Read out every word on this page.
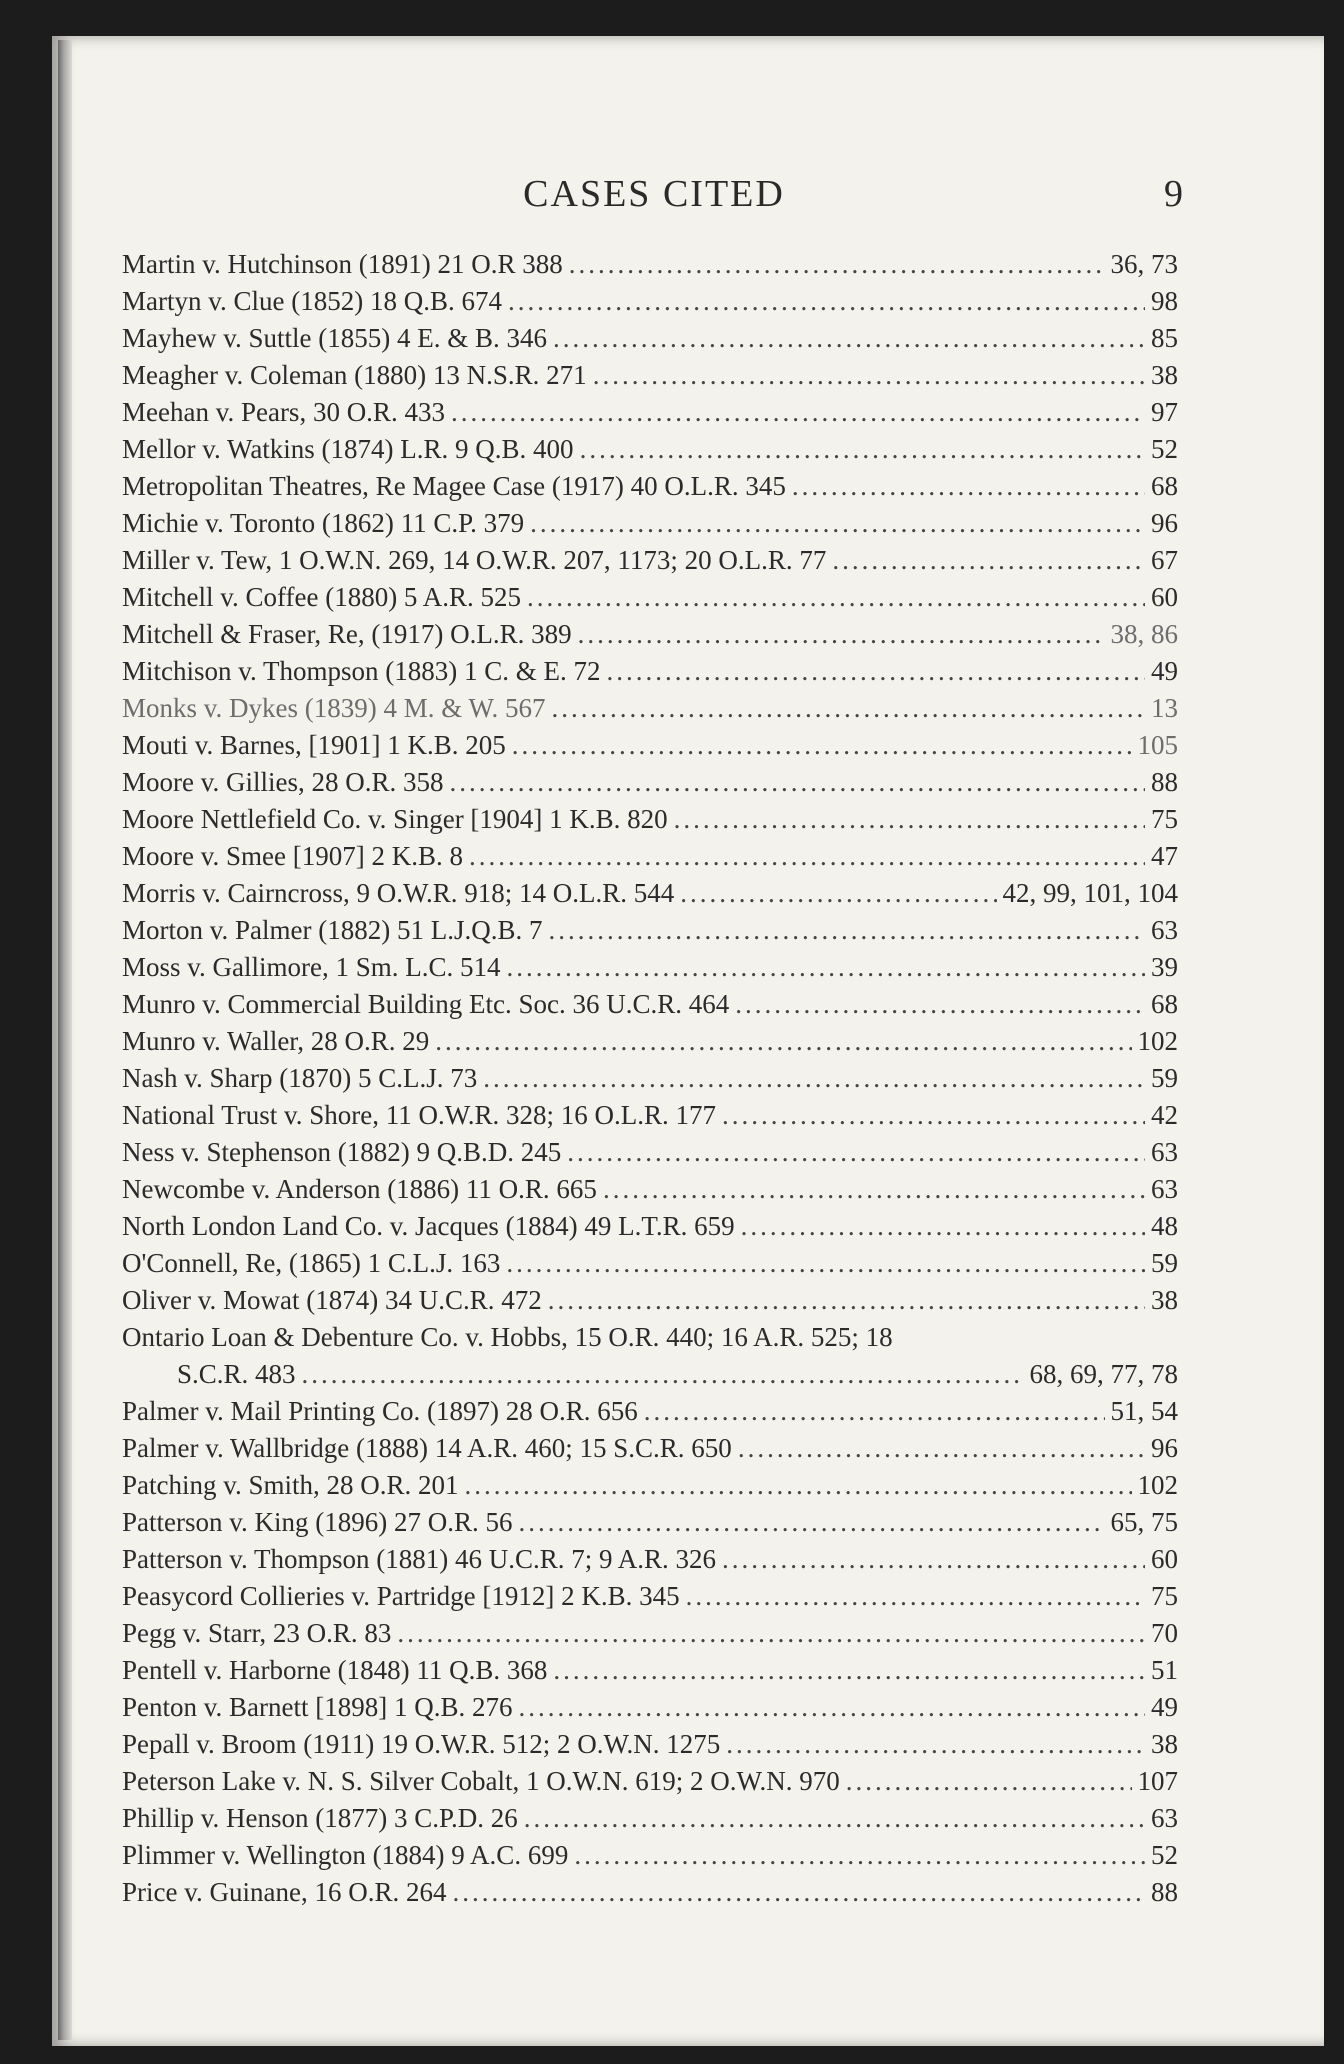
CASES CITED	9
Martin v. Hutchinson (1891) 21 O.R 388 .....	36, 73
Martyn v. Clue (1852) 18 Q.B. 674 .....	98
Mayhew v. Suttle (1855) 4 E. & B. 346 .....	85
Meagher v. Coleman (1880) 13 N.S.R. 271 .....	38
Meehan v. Pears, 30 O.R. 433 .....	97
Mellor v. Watkins (1874) L.R. 9 Q.B. 400 .....	52
Metropolitan Theatres, Re Magee Case (1917) 40 O.L.R. 345 .....	68
Michie v. Toronto (1862) 11 C.P. 379 .....	96
Miller v. Tew, 1 O.W.N. 269, 14 O.W.R. 207, 1173; 20 O.L.R. 77 .....	67
Mitchell v. Coffee (1880) 5 A.R. 525 .....	60
Mitchell & Fraser, Re, (1917) O.L.R. 389 .....	38, 86
Mitchison v. Thompson (1883) 1 C. & E. 72 .....	49
Monks v. Dykes (1839) 4 M. & W. 567 .....	13
Mouti v. Barnes, [1901] 1 K.B. 205 .....	105
Moore v. Gillies, 28 O.R. 358 .....	88
Moore Nettlefield Co. v. Singer [1904] 1 K.B. 820 .....	75
Moore v. Smee [1907] 2 K.B. 8 .....	47
Morris v. Cairncross, 9 O.W.R. 918; 14 O.L.R. 544 .....	42, 99, 101, 104
Morton v. Palmer (1882) 51 L.J.Q.B. 7 .....	63
Moss v. Gallimore, 1 Sm. L.C. 514 .....	39
Munro v. Commercial Building Etc. Soc. 36 U.C.R. 464 .....	68
Munro v. Waller, 28 O.R. 29 .....	102
Nash v. Sharp (1870) 5 C.L.J. 73 .....	59
National Trust v. Shore, 11 O.W.R. 328; 16 O.L.R. 177 .....	42
Ness v. Stephenson (1882) 9 Q.B.D. 245 .....	63
Newcombe v. Anderson (1886) 11 O.R. 665 .....	63
North London Land Co. v. Jacques (1884) 49 L.T.R. 659 .....	48
O'Connell, Re, (1865) 1 C.L.J. 163 .....	59
Oliver v. Mowat (1874) 34 U.C.R. 472 .....	38
Ontario Loan & Debenture Co. v. Hobbs, 15 O.R. 440; 16 A.R. 525; 18
S.C.R. 483 .....	68, 69, 77, 78
Palmer v. Mail Printing Co. (1897) 28 O.R. 656 .....	51, 54
Palmer v. Wallbridge (1888) 14 A.R. 460; 15 S.C.R. 650 .....	96
Patching v. Smith, 28 O.R. 201 .....	102
Patterson v. King (1896) 27 O.R. 56 .....	65, 75
Patterson v. Thompson (1881) 46 U.C.R. 7; 9 A.R. 326 .....	60
Peasycord Collieries v. Partridge [1912] 2 K.B. 345 .....	75
Pegg v. Starr, 23 O.R. 83 .....	70
Pentell v. Harborne (1848) 11 Q.B. 368 .....	51
Penton v. Barnett [1898] 1 Q.B. 276 .....	49
Pepall v. Broom (1911) 19 O.W.R. 512; 2 O.W.N. 1275 .....	38
Peterson Lake v. N. S. Silver Cobalt, 1 O.W.N. 619; 2 O.W.N. 970 .....	107
Phillip v. Henson (1877) 3 C.P.D. 26 .....	63
Plimmer v. Wellington (1884) 9 A.C. 699 .....	52
Price v. Guinane, 16 O.R. 264 .....	88
